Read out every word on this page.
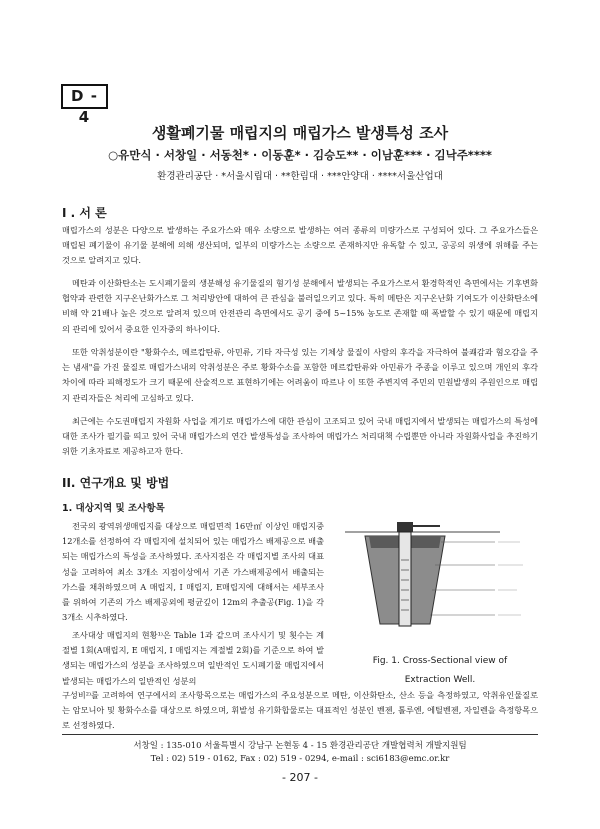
D - 4
생활폐기물 매립지의 매립가스 발생특성 조사
○유만식 · 서창일 · 서동천* · 이동훈* · 김승도** · 이남훈*** · 김낙주****
환경관리공단 · *서울시립대 · **한림대 · ***안양대 · ****서울산업대
I . 서 론

매립가스의 성분은 다양으로 발생하는 주요가스와 매우 소량으로 발생하는 여러 종류의 미량가스로 구성되어 있다. 그 주요가스들은 매립된 폐기물이 유기물 분해에 의해 생산되며, 일부의 미량가스는 소량으로 존재하지만 유독할 수 있고, 공공의 위생에 위해를 주는 것으로 알려지고 있다.

메탄과 이산화탄소는 도시폐기물의 생분해성 유기물질의 혐기성 분해에서 발생되는 주요가스로서 환경학적인 측면에서는 기후변화협약과 관련한 지구온난화가스로 그 처리방안에 대하여 큰 관심을 불러일으키고 있다. 특히 메탄은 지구온난화 기여도가 이산화탄소에 비해 약 21배나 높은 것으로 알려져 있으며 안전관리 측면에서도 공기 중에 5~15% 농도로 존재할 때 폭발할 수 있기 때문에 매립지의 관리에 있어서 중요한 인자중의 하나이다.

또한 악취성분이란 "황화수소, 메르캅탄류, 아민류, 기타 자극성 있는 기체상 물질이 사람의 후각을 자극하여 불쾌감과 혐오감을 주는 냄새"를 가진 물질로 매립가스내의 악취성분은 주로 황화수소를 포함한 메르캅탄류와 아민류가 주종을 이루고 있으며 개인의 후각 차이에 따라 피해정도가 크기 때문에 산술적으로 표현하기에는 어려움이 따르나 이 또한 주변지역 주민의 민원발생의 주원인으로 매립지 관리자들은 처리에 고심하고 있다.

최근에는 수도권매립지 자원화 사업을 계기로 매립가스에 대한 관심이 고조되고 있어 국내 매립지에서 발생되는 매립가스의 특성에 대한 조사가 필기를 띄고 있어 국내 매립가스의 연간 발생특성을 조사하여 매립가스 처리대책 수립뿐만 아니라 자원화사업을 추진하기 위한 기초자료로 제공하고자 한다.

II. 연구개요 및 방법
1. 대상지역 및 조사항목

전국의 광역위생매립지를 대상으로 매립면적 16만㎡ 이상인 매립지중 12개소를 선정하여 각 매립지에 설치되어 있는 매립가스 배제공으로 배출되는 매립가스의 특성을 조사하였다. 조사지점은 각 매립지별 조사의 대표성을 고려하여 최소 3개소 지점이상에서 기존 가스배제공에서 배출되는 가스를 채취하였으며 A 매립지, I 매립지, E매립지에 대해서는 세부조사를 위하여 기존의 가스 배제공외에 평균깊이 12m의 추출공(Fig. 1)을 각 3개소 시추하였다.

조사대상 매립지의 현황¹⁾은 Table 1과 같으며 조사시기 및 횟수는 계절별 1회(A매립지, E 매립지, I 매립지는 계절별 2회)를 기준으로 하여 발생되는 매립가스의 성분을 조사하였으며 일반적인 도시폐기물 매립지에서 발생되는 매립가스의 일반적인 성분의

구성비²⁾를 고려하여 연구에서의 조사항목으로는 매립가스의 주요성분으로 메탄, 이산화탄소, 산소 등을 측정하였고, 악취유인물질로는 암모니아 및 황화수소를 대상으로 하였으며, 휘발성 유기화합물로는 대표적인 성분인 벤젠, 톨루엔, 에틸벤젠, 자일렌을 측정항목으로 선정하였다.

Fig. 1. Cross-Sectional view of
Extraction Well.
서창일 : 135-010 서울특별시 강남구 논현동 4 - 15 환경관리공단 개발협력처 개발지원팀
Tel : 02) 519 - 0162, Fax : 02) 519 - 0294, e-mail : sci6183@emc.or.kr
- 207 -
